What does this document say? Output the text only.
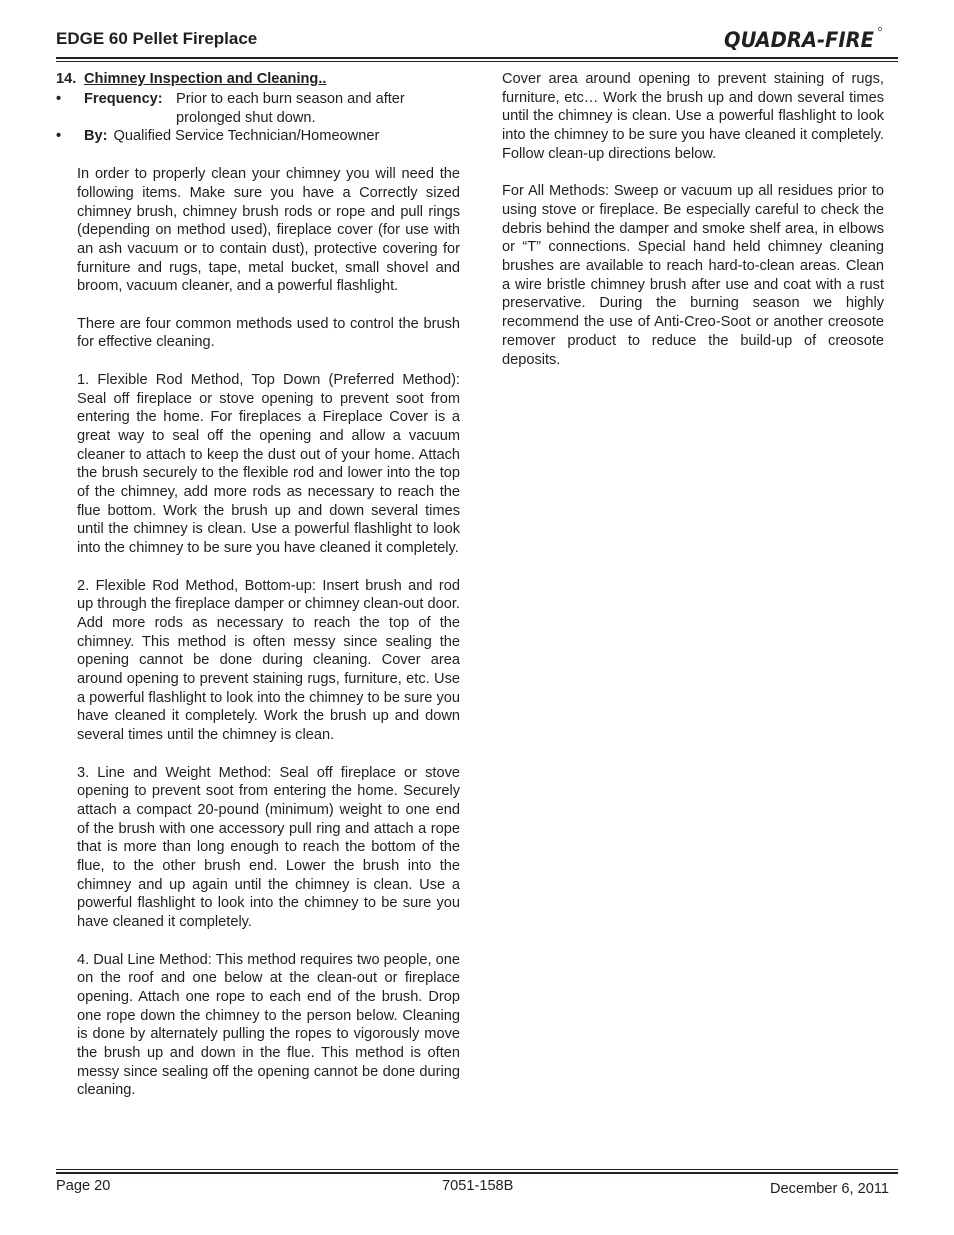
EDGE 60 Pellet Fireplace	QUADRA-FIRE
14. Chimney Inspection and Cleaning..
• Frequency: Prior to each burn season and after prolonged shut down.
• By: Qualified Service Technician/Homeowner

In order to properly clean your chimney you will need the following items. Make sure you have a Correctly sized chimney brush, chimney brush rods or rope and pull rings (depending on method used), fireplace cover (for use with an ash vacuum or to contain dust), protective covering for furniture and rugs, tape, metal bucket, small shovel and broom, vacuum cleaner, and a powerful flashlight.

There are four common methods used to control the brush for effective cleaning.

1. Flexible Rod Method, Top Down (Preferred Method): Seal off fireplace or stove opening to prevent soot from entering the home. For fireplaces a Fireplace Cover is a great way to seal off the opening and allow a vacuum cleaner to attach to keep the dust out of your home. Attach the brush securely to the flexible rod and lower into the top of the chimney, add more rods as necessary to reach the flue bottom. Work the brush up and down several times until the chimney is clean. Use a powerful flashlight to look into the chimney to be sure you have cleaned it completely.

2. Flexible Rod Method, Bottom-up: Insert brush and rod up through the fireplace damper or chimney clean-out door. Add more rods as necessary to reach the top of the chimney. This method is often messy since sealing the opening cannot be done during cleaning. Cover area around opening to prevent staining rugs, furniture, etc. Use a powerful flashlight to look into the chimney to be sure you have cleaned it completely. Work the brush up and down several times until the chimney is clean.

3. Line and Weight Method: Seal off fireplace or stove opening to prevent soot from entering the home. Securely attach a compact 20-pound (minimum) weight to one end of the brush with one accessory pull ring and attach a rope that is more than long enough to reach the bottom of the flue, to the other brush end. Lower the brush into the chimney and up again until the chimney is clean. Use a powerful flashlight to look into the chimney to be sure you have cleaned it completely.

4. Dual Line Method: This method requires two people, one on the roof and one below at the clean-out or fireplace opening. Attach one rope to each end of the brush. Drop one rope down the chimney to the person below. Cleaning is done by alternately pulling the ropes to vigorously move the brush up and down in the flue. This method is often messy since sealing off the opening cannot be done during cleaning.

Cover area around opening to prevent staining of rugs, furniture, etc… Work the brush up and down several times until the chimney is clean. Use a powerful flashlight to look into the chimney to be sure you have cleaned it completely. Follow clean-up directions below.

For All Methods: Sweep or vacuum up all residues prior to using stove or fireplace. Be especially careful to check the debris behind the damper and smoke shelf area, in elbows or “T” connections. Special hand held chimney cleaning brushes are available to reach hard-to-clean areas. Clean a wire bristle chimney brush after use and coat with a rust preservative. During the burning season we highly recommend the use of Anti-Creo-Soot or another creosote remover product to reduce the build-up of creosote deposits.

Page 20	7051-158B	December 6, 2011
